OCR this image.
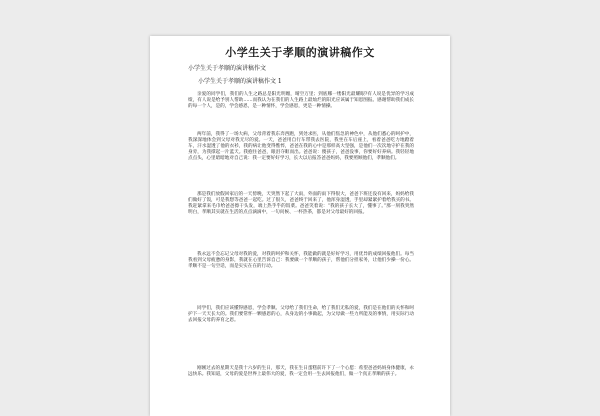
小学生关于孝顺的演讲稿作文
小学生关于孝顺的演讲稿作文
小学生关于孝顺的演讲稿作文 1

亲爱的同学们，我们的人生之路总是阳光明媚，晴空万里；到底哪一缕阳光最耀眼?有人说是优异的学习成绩，有人说是给予别人帮助……而我认为在我们的人生路上最灿烂的阳光应该属于知恩图报。感谢帮助我们成长的每一个人，是的，学会感恩，是一种情怀，学会感恩，更是一种情操。

两年前，我得了一场大病，父母背着我东奔西跑，到处求医，从他们焦急的神色中，从他们悉心的呵护中，我深深地体会到父母对我无尽的爱。一天，爸爸用自行车带我去医院，我坐在车后座上，看着爸爸吃力地蹬着车，汗水湿透了他的衣衫，我的病让他变得憔悴，爸爸在我的心中是那样高大坚强，是他们一次次地守护在我的身旁，为我撑起一片蓝天。我抱住爸爸，眼泪夺眶而出。爸爸说：傻孩子，爸爸没事，你要好好养病。我轻轻地点点头，心里暗暗地对自己说：我一定要好好学习，长大以后报答爸爸妈妈，我要照顾他们，孝顺他们。

那是我们放假回家后的一天傍晚，天突然下起了大雨，外面的雨下得很大，爸爸下班还没有回来，妈妈给我们做好了饭，可是我想等爸爸一起吃。过了很久，爸爸终于回来了，他浑身湿透，手里却紧紧护着给我买的书。我赶紧拿来毛巾给爸爸擦干头发，端上热乎乎的饭菜。爸爸笑着说：“我的孩子长大了，懂事了。”那一刻我突然明白，孝顺其实就在生活的点点滴滴中，一句问候、一杯热茶，都是对父母最好的回报。

我永远不会忘记父母对我的爱，对我的呵护和关怀，我能做的就是好好学习，用优异的成绩回报他们。每当我看到父母疲惫的身影，我就在心里告诉自己：我要做一个孝顺的孩子，帮他们分担家务，让他们少操一份心。孝顺不是一句空话，而是实实在在的行动。

同学们，我们应该懂得感恩，学会孝顺。父母给了我们生命，给了我们无私的爱，我们是在他们的关怀和呵护下一天天长大的。我们要常怀一颗感恩的心，从身边的小事做起，为父母做一些力所能及的事情，用实际行动去回报父母的养育之恩。

刚刚过去的星期天是我十六岁的生日，那天，我在生日蛋糕前许下了一个心愿：希望爸爸妈妈身体健康，永远快乐。我知道，父母的爱是世界上最伟大的爱，我一定会用一生去回报他们，做一个真正孝顺的孩子。
